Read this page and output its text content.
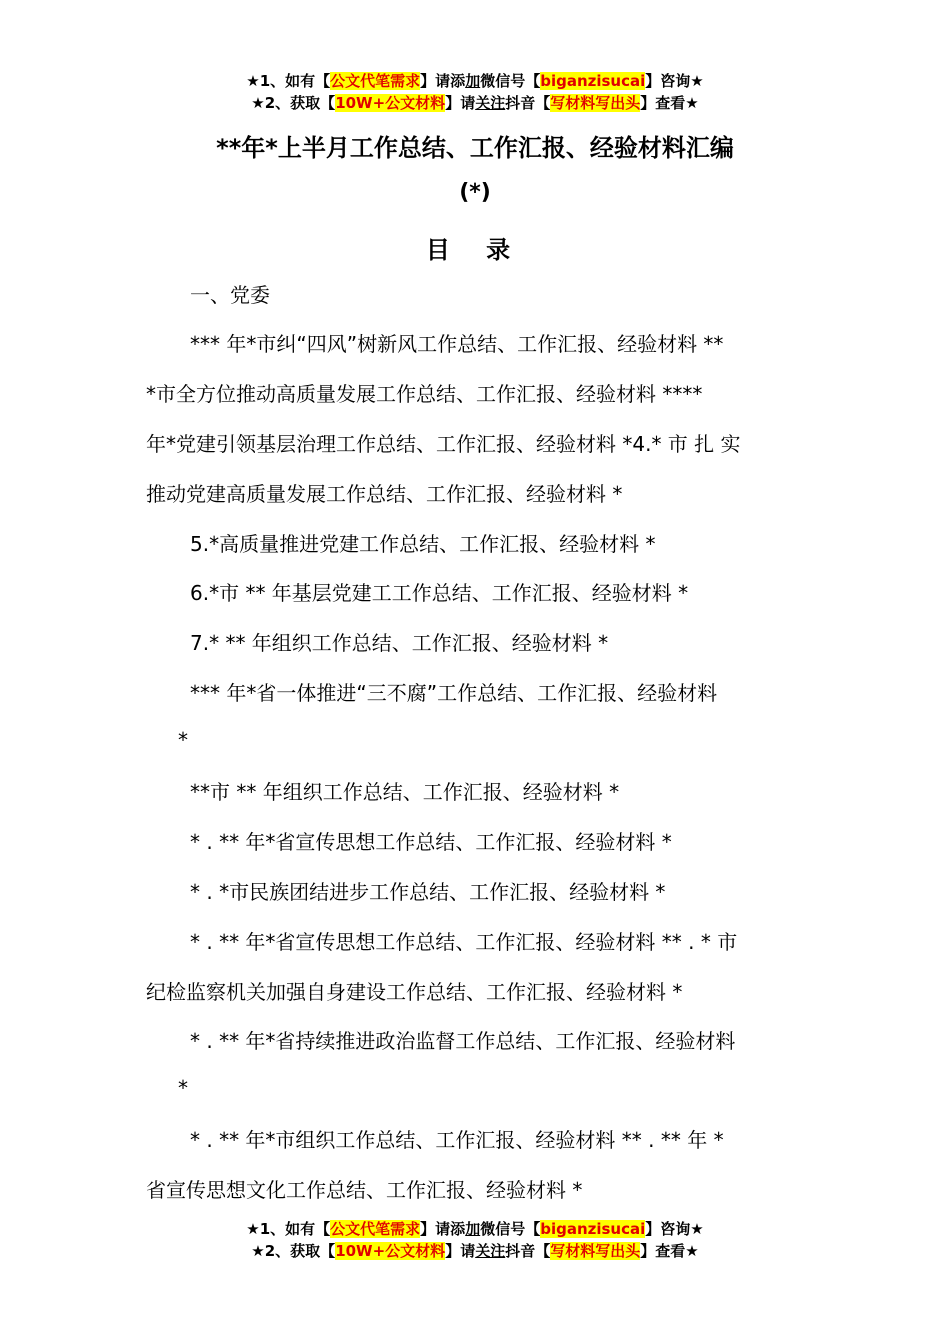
★1、如有【公文代笔需求】请添加微信号【biganzisucai】咨询★
★2、获取【10W+公文材料】请关注抖音【写材料写出头】查看★
**年*上半月工作总结、工作汇报、经验材料汇编
(*)
目 录
一、党委
*** 年*市纠“四风”树新风工作总结、工作汇报、经验材料 **
*市全方位推动高质量发展工作总结、工作汇报、经验材料 ****
年*党建引领基层治理工作总结、工作汇报、经验材料 *4.* 市 扎 实
推动党建高质量发展工作总结、工作汇报、经验材料 *
5.*高质量推进党建工作总结、工作汇报、经验材料 *
6.*市 ** 年基层党建工工作总结、工作汇报、经验材料 *
7.* ** 年组织工作总结、工作汇报、经验材料 *
*** 年*省一体推进“三不腐”工作总结、工作汇报、经验材料
*
**市 ** 年组织工作总结、工作汇报、经验材料 *
* . ** 年*省宣传思想工作总结、工作汇报、经验材料 *
* . *市民族团结进步工作总结、工作汇报、经验材料 *
* . ** 年*省宣传思想工作总结、工作汇报、经验材料 ** . * 市
纪检监察机关加强自身建设工作总结、工作汇报、经验材料 *
* . ** 年*省持续推进政治监督工作总结、工作汇报、经验材料
*
* . ** 年*市组织工作总结、工作汇报、经验材料 ** . ** 年 *
省宣传思想文化工作总结、工作汇报、经验材料 *
★1、如有【公文代笔需求】请添加微信号【biganzisucai】咨询★
★2、获取【10W+公文材料】请关注抖音【写材料写出头】查看★
